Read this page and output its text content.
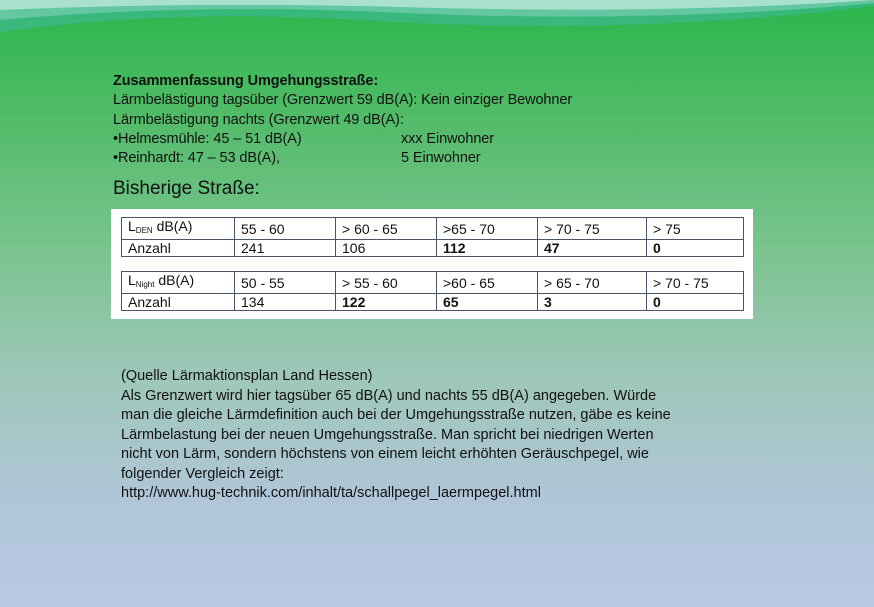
Zusammenfassung Umgehungsstraße:
Lärmbelästigung tagsüber (Grenzwert 59 dB(A): Kein einziger Bewohner
Lärmbelästigung nachts (Grenzwert 49 dB(A):
•Helmesmühle: 45 – 51 dB(A)	xxx Einwohner
•Reinhardt: 47 – 53 dB(A),	5 Einwohner
Bisherige Straße:
$L_{DEN}$ dB(A)	55 - 60	> 60 - 65	>65 - 70	> 70 - 75	> 75
Anzahl	241	106	112	47	0
$L_{Night}$ dB(A)	50 - 55	> 55 - 60	>60 - 65	> 65 - 70	> 70 - 75
Anzahl	134	122	65	3	0
(Quelle Lärmaktionsplan Land Hessen)
Als Grenzwert wird hier tagsüber 65 dB(A) und nachts 55 dB(A) angegeben. Würde
man die gleiche Lärmdefinition auch bei der Umgehungsstraße nutzen, gäbe es keine
Lärmbelastung bei der neuen Umgehungsstraße. Man spricht bei niedrigen Werten
nicht von Lärm, sondern höchstens von einem leicht erhöhten Geräuschpegel, wie
folgender Vergleich zeigt:
http://www.hug-technik.com/inhalt/ta/schallpegel_laermpegel.html
